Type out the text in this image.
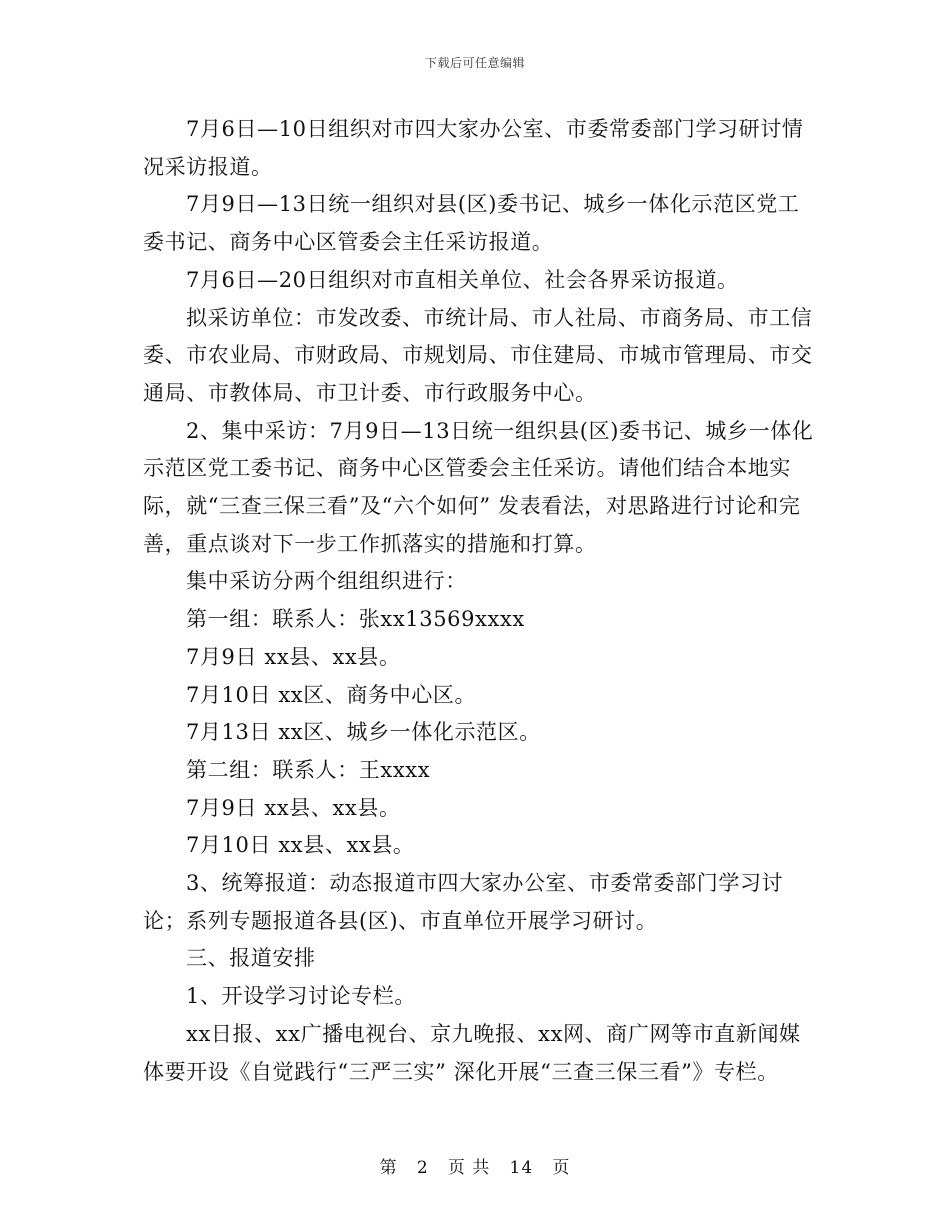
下载后可任意编辑

7月6日—10日组织对市四大家办公室、市委常委部门学习研讨情况采访报道。

7月9日—13日统一组织对县(区)委书记、城乡一体化示范区党工委书记、商务中心区管委会主任采访报道。

7月6日—20日组织对市直相关单位、社会各界采访报道。

拟采访单位：市发改委、市统计局、市人社局、市商务局、市工信委、市农业局、市财政局、市规划局、市住建局、市城市管理局、市交通局、市教体局、市卫计委、市行政服务中心。

2、集中采访：7月9日—13日统一组织县(区)委书记、城乡一体化示范区党工委书记、商务中心区管委会主任采访。请他们结合本地实际，就“三查三保三看”及“六个如何” 发表看法，对思路进行讨论和完善，重点谈对下一步工作抓落实的措施和打算。

集中采访分两个组组织进行：

第一组：联系人：张xx13569xxxx

7月9日 xx县、xx县。

7月10日 xx区、商务中心区。

7月13日 xx区、城乡一体化示范区。

第二组：联系人：王xxxx

7月9日 xx县、xx县。

7月10日 xx县、xx县。

3、统筹报道：动态报道市四大家办公室、市委常委部门学习讨论；系列专题报道各县(区)、市直单位开展学习研讨。

三、报道安排

1、开设学习讨论专栏。

xx日报、xx广播电视台、京九晚报、xx网、商广网等市直新闻媒体要开设《自觉践行“三严三实” 深化开展“三查三保三看”》专栏。

第 2 页 共 14 页
